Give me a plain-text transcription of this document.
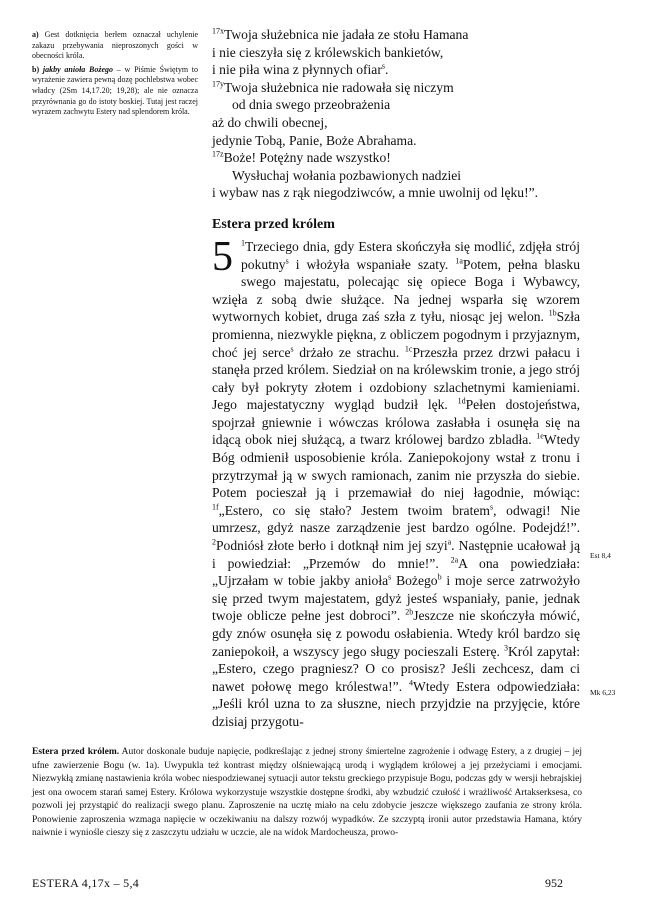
a) Gest dotknięcia berłem oznaczał uchylenie zakazu przebywania nieproszonych gości w obecności króla.

b) jakby anioła Bożego – w Piśmie Świętym to wyrażenie zawiera pewną dozę pochlebstwa wobec władcy (2Sm 14,17.20; 19,28); ale nie oznacza przyrównania go do istoty boskiej. Tutaj jest raczej wyrazem zachwytu Estery nad splendorem króla.

$^{17x}$Twoja służebnica nie jadała ze stołu Hamana
i nie cieszyła się z królewskich bankietów,
i nie piła wina z płynnych ofiar$^s$.
$^{17y}$Twoja służebnica nie radowała się niczym
od dnia swego przeobrażenia
aż do chwili obecnej,
jedynie Tobą, Panie, Boże Abrahama.
$^{17z}$Boże! Potężny nade wszystko!
Wysłuchaj wołania pozbawionych nadziei
i wybaw nas z rąk niegodziwców, a mnie uwolnij od lęku!”.
Estera przed królem
5 $^1$Trzeciego dnia, gdy Estera skończyła się modlić, zdjęła strój pokutny$^s$ i włożyła wspaniałe szaty. $^{1a}$Potem, pełna blasku swego majestatu, polecając się opiece Boga i Wybawcy, wzięła z sobą dwie służące. Na jednej wsparła się wzorem wytwornych kobiet, druga zaś szła z tyłu, niosąc jej welon. $^{1b}$Szła promienna, niezwykle piękna, z obliczem pogodnym i przyjaznym, choć jej serce$^s$ drżało ze strachu. $^{1c}$Przeszła przez drzwi pałacu i stanęła przed królem. Siedział on na królewskim tronie, a jego strój cały był pokryty złotem i ozdobiony szlachetnymi kamieniami. Jego majestatyczny wygląd budził lęk. $^{1d}$Pełen dostojeństwa, spojrzał gniewnie i wówczas królowa zasłabła i osunęła się na idącą obok niej służącą, a twarz królowej bardzo zbladła. $^{1e}$Wtedy Bóg odmienił usposobienie króla. Zaniepokojony wstał z tronu i przytrzymał ją w swych ramionach, zanim nie przyszła do siebie. Potem pocieszał ją i przemawiał do niej łagodnie, mówiąc: $^{1f}$„Estero, co się stało? Jestem twoim bratem$^s$, odwagi! Nie umrzesz, gdyż nasze zarządzenie jest bardzo ogólne. Podejdź!”. $^2$Podniósł złote berło i dotknął nim jej szyi$^a$. Następnie ucałował ją i powiedział: „Przemów do mnie!”. $^{2a}$A ona powiedziała: „Ujrzałam w tobie jakby anioła$^s$ Bożego$^b$ i moje serce zatrwożyło się przed twym majestatem, gdyż jesteś wspaniały, panie, jednak twoje oblicze pełne jest dobroci”. $^{2b}$Jeszcze nie skończyła mówić, gdy znów osunęła się z powodu osłabienia. Wtedy król bardzo się zaniepokoił, a wszyscy jego sługy pocieszali Esterę. $^3$Król zapytał: „Estero, czego pragniesz? O co prosisz? Jeśli zechcesz, dam ci nawet połowę mego królestwa!”. $^4$Wtedy Estera odpowiedziała: „Jeśli król uzna to za słuszne, niech przyjdzie na przyjęcie, które dzisiaj przygotu-
Est 8,4
Mk 6,23
Estera przed królem. Autor doskonale buduje napięcie, podkreślając z jednej strony śmiertelne zagrożenie i odwagę Estery, a z drugiej – jej ufne zawierzenie Bogu (w. 1a). Uwypukla też kontrast między olśniewającą urodą i wyglądem królowej a jej przeżyciami i emocjami. Niezwykłą zmianę nastawienia króla wobec niespodziewanej sytuacji autor tekstu greckiego przypisuje Bogu, podczas gdy w wersji hebrajskiej jest ona owocem starań samej Estery. Królowa wykorzystuje wszystkie dostępne środki, aby wzbudzić czułość i wrażliwość Artakserksesa, co pozwoli jej przystąpić do realizacji swego planu. Zaproszenie na ucztę miało na celu zdobycie jeszcze większego zaufania ze strony króla. Ponowienie zaproszenia wzmaga napięcie w oczekiwaniu na dalszy rozwój wypadków. Ze szczyptą ironii autor przedstawia Hamana, który naiwnie i wyniośle cieszy się z zaszczytu udziału w uczcie, ale na widok Mardocheusza, prowo-
ESTERA 4,17x – 5,4	952
